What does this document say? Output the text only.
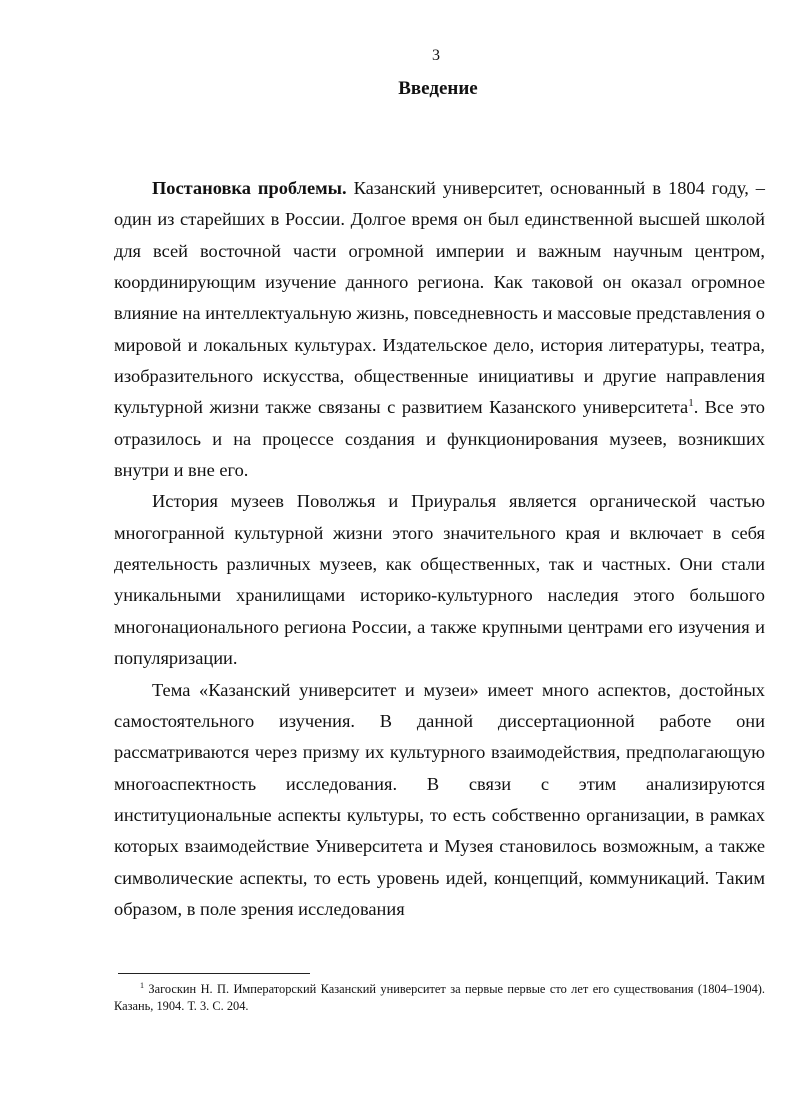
3
Введение

Постановка проблемы. Казанский университет, основанный в 1804 году, – один из старейших в России. Долгое время он был единственной высшей школой для всей восточной части огромной империи и важным научным центром, координирующим изучение данного региона. Как таковой он оказал огромное влияние на интеллектуальную жизнь, повседневность и массовые представления о мировой и локальных культурах. Издательское дело, история литературы, театра, изобразительного искусства, общественные инициативы и другие направления культурной жизни также связаны с развитием Казанского университета$^1$. Все это отразилось и на процессе создания и функционирования музеев, возникших внутри и вне его.

История музеев Поволжья и Приуралья является органической частью многогранной культурной жизни этого значительного края и включает в себя деятельность различных музеев, как общественных, так и частных. Они стали уникальными хранилищами историко-культурного наследия этого большого многонационального региона России, а также крупными центрами его изучения и популяризации.

Тема «Казанский университет и музеи» имеет много аспектов, достойных самостоятельного изучения. В данной диссертационной работе они рассматриваются через призму их культурного взаимодействия, предполагающую многоаспектность исследования. В связи с этим анализируются институциональные аспекты культуры, то есть собственно организации, в рамках которых взаимодействие Университета и Музея становилось возможным, а также символические аспекты, то есть уровень идей, концепций, коммуникаций. Таким образом, в поле зрения исследования

$^1$ Загоскин Н. П. Императорский Казанский университет за первые первые сто лет его существования (1804–1904). Казань, 1904. Т. 3. С. 204.
